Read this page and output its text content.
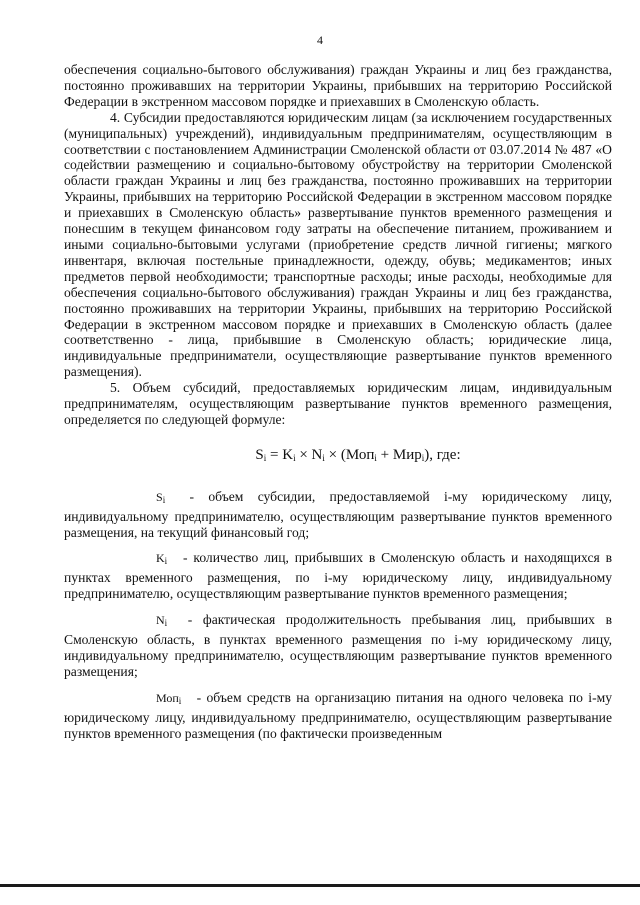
4

обеспечения социально-бытового обслуживания) граждан Украины и лиц без гражданства, постоянно проживавших на территории Украины, прибывших на территорию Российской Федерации в экстренном массовом порядке и приехавших в Смоленскую область.

4. Субсидии предоставляются юридическим лицам (за исключением государственных (муниципальных) учреждений), индивидуальным предпринимателям, осуществляющим в соответствии с постановлением Администрации Смоленской области от 03.07.2014 № 487 «О содействии размещению и социально-бытовому обустройству на территории Смоленской области граждан Украины и лиц без гражданства, постоянно проживавших на территории Украины, прибывших на территорию Российской Федерации в экстренном массовом порядке и приехавших в Смоленскую область» развертывание пунктов временного размещения и понесшим в текущем финансовом году затраты на обеспечение питанием, проживанием и иными социально-бытовыми услугами (приобретение средств личной гигиены; мягкого инвентаря, включая постельные принадлежности, одежду, обувь; медикаментов; иных предметов первой необходимости; транспортные расходы; иные расходы, необходимые для обеспечения социально-бытового обслуживания) граждан Украины и лиц без гражданства, постоянно проживавших на территории Украины, прибывших на территорию Российской Федерации в экстренном массовом порядке и приехавших в Смоленскую область (далее соответственно - лица, прибывшие в Смоленскую область; юридические лица, индивидуальные предприниматели, осуществляющие развертывание пунктов временного размещения).

5. Объем субсидий, предоставляемых юридическим лицам, индивидуальным предпринимателям, осуществляющим развертывание пунктов временного размещения, определяется по следующей формуле:

$S_i = K_i \times N_i \times (Моп_i + Мир_i)$, где:

$S_i$ - объем субсидии, предоставляемой i-му юридическому лицу, индивидуальному предпринимателю, осуществляющим развертывание пунктов временного размещения, на текущий финансовый год;

$K_i$ - количество лиц, прибывших в Смоленскую область и находящихся в пунктах временного размещения, по i-му юридическому лицу, индивидуальному предпринимателю, осуществляющим развертывание пунктов временного размещения;

$N_i$ - фактическая продолжительность пребывания лиц, прибывших в Смоленскую область, в пунктах временного размещения по i-му юридическому лицу, индивидуальному предпринимателю, осуществляющим развертывание пунктов временного размещения;

Моп$_i$ - объем средств на организацию питания на одного человека по i-му юридическому лицу, индивидуальному предпринимателю, осуществляющим развертывание пунктов временного размещения (по фактически произведенным
